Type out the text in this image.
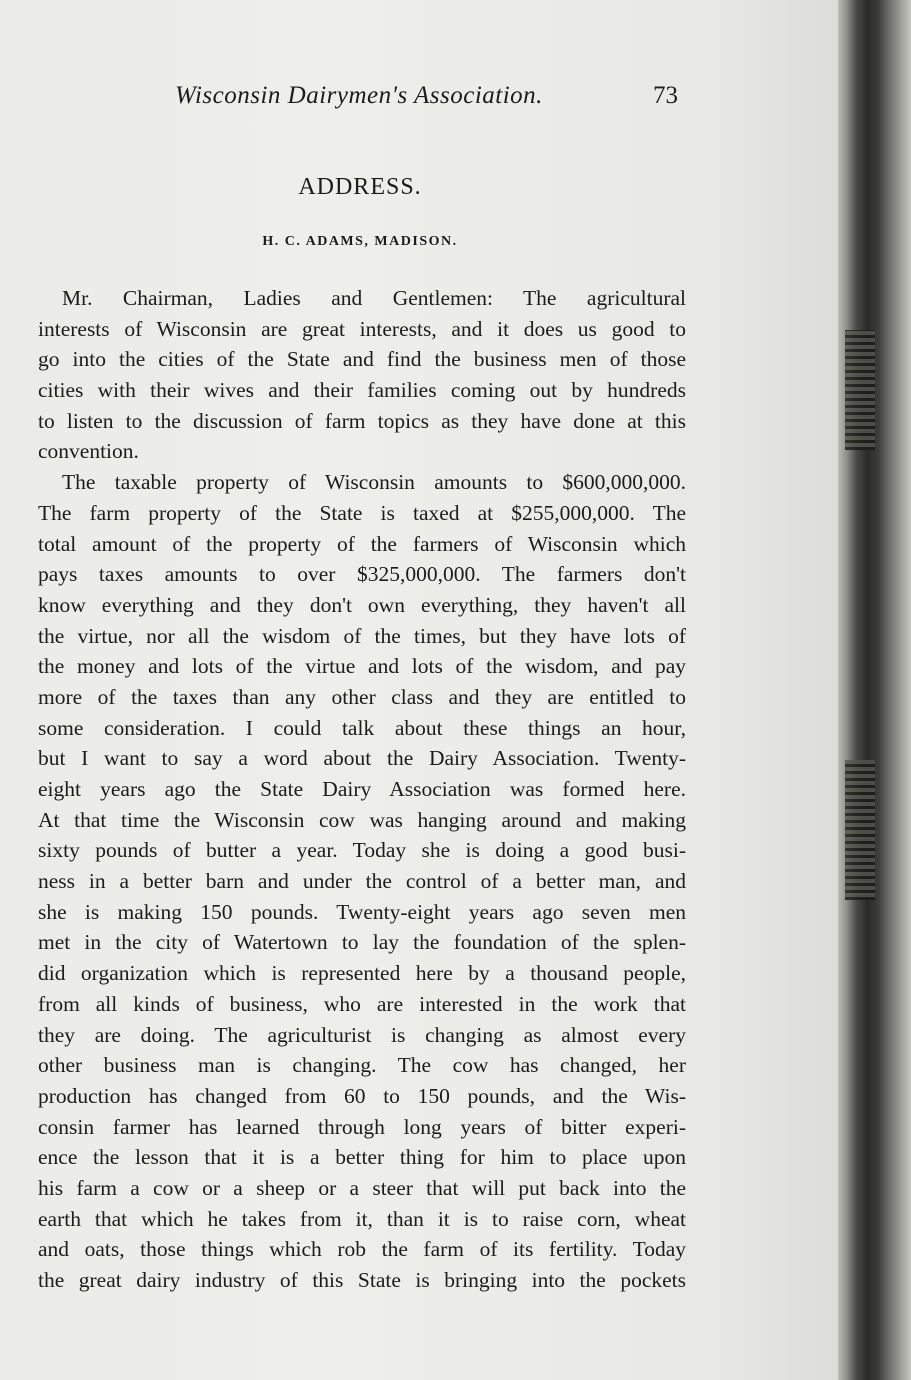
Wisconsin Dairymen's Association.	73
ADDRESS.
H. C. ADAMS, MADISON.
Mr. Chairman, Ladies and Gentlemen: The agricultural
interests of Wisconsin are great interests, and it does us good to
go into the cities of the State and find the business men of those
cities with their wives and their families coming out by hundreds
to listen to the discussion of farm topics as they have done at this
convention.
The taxable property of Wisconsin amounts to $600,000,000.
The farm property of the State is taxed at $255,000,000. The
total amount of the property of the farmers of Wisconsin which
pays taxes amounts to over $325,000,000. The farmers don't
know everything and they don't own everything, they haven't all
the virtue, nor all the wisdom of the times, but they have lots of
the money and lots of the virtue and lots of the wisdom, and pay
more of the taxes than any other class and they are entitled to
some consideration. I could talk about these things an hour,
but I want to say a word about the Dairy Association. Twenty-
eight years ago the State Dairy Association was formed here.
At that time the Wisconsin cow was hanging around and making
sixty pounds of butter a year. Today she is doing a good busi-
ness in a better barn and under the control of a better man, and
she is making 150 pounds. Twenty-eight years ago seven men
met in the city of Watertown to lay the foundation of the splen-
did organization which is represented here by a thousand people,
from all kinds of business, who are interested in the work that
they are doing. The agriculturist is changing as almost every
other business man is changing. The cow has changed, her
production has changed from 60 to 150 pounds, and the Wis-
consin farmer has learned through long years of bitter experi-
ence the lesson that it is a better thing for him to place upon
his farm a cow or a sheep or a steer that will put back into the
earth that which he takes from it, than it is to raise corn, wheat
and oats, those things which rob the farm of its fertility. Today
the great dairy industry of this State is bringing into the pockets
